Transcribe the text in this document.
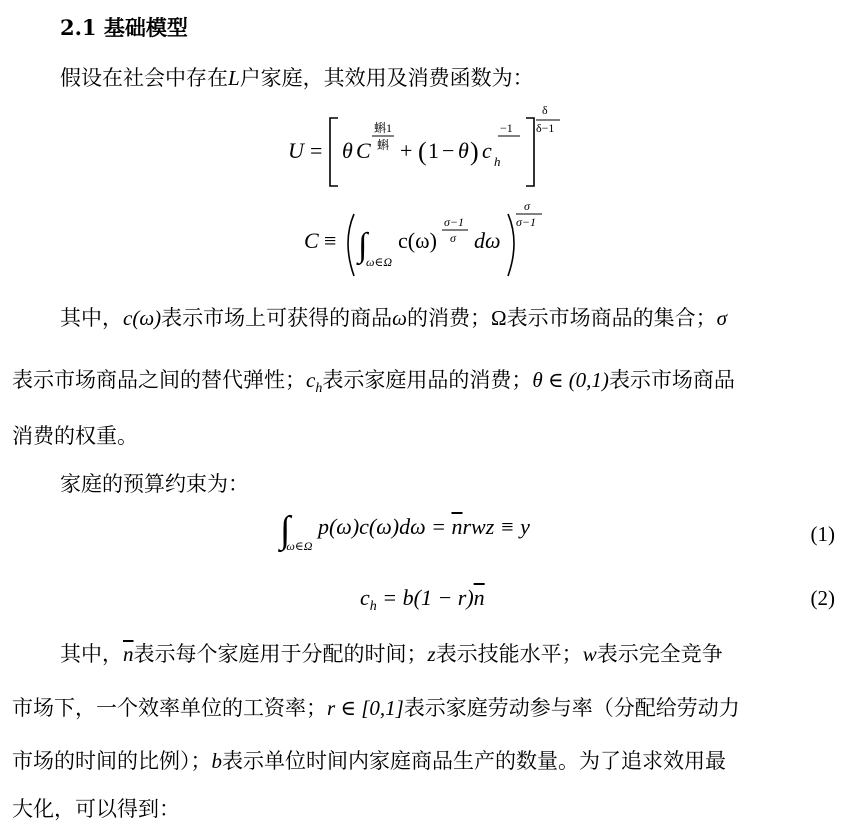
2.1 基础模型
假设在社会中存在L户家庭，其效用及消费函数为：
U = θ C
蝌1
蝌 + ( 1 − θ ) c h
−1
δ
δ−1
C ≡ ∫
ω∈Ω
c(ω)
σ−1
σ dω
σ
σ−1
其中，c(ω)表示市场上可获得的商品ω的消费；Ω表示市场商品的集合；σ
表示市场商品之间的替代弹性；$c_h$表示家庭用品的消费；θ ∈ (0,1)表示市场商品
消费的权重。
家庭的预算约束为：
$\int_{\omega\in\Omega}$ $p(\omega)c(\omega)d\omega = \overline{n}rwz \equiv y$	(1)
$c_h = b(1 - r)\overline{n}$	(2)
其中，$\overline{n}$表示每个家庭用于分配的时间；z表示技能水平；w表示完全竞争
市场下，一个效率单位的工资率；r ∈ [0,1]表示家庭劳动参与率（分配给劳动力
市场的时间的比例）；b表示单位时间内家庭商品生产的数量。为了追求效用最
大化，可以得到：
